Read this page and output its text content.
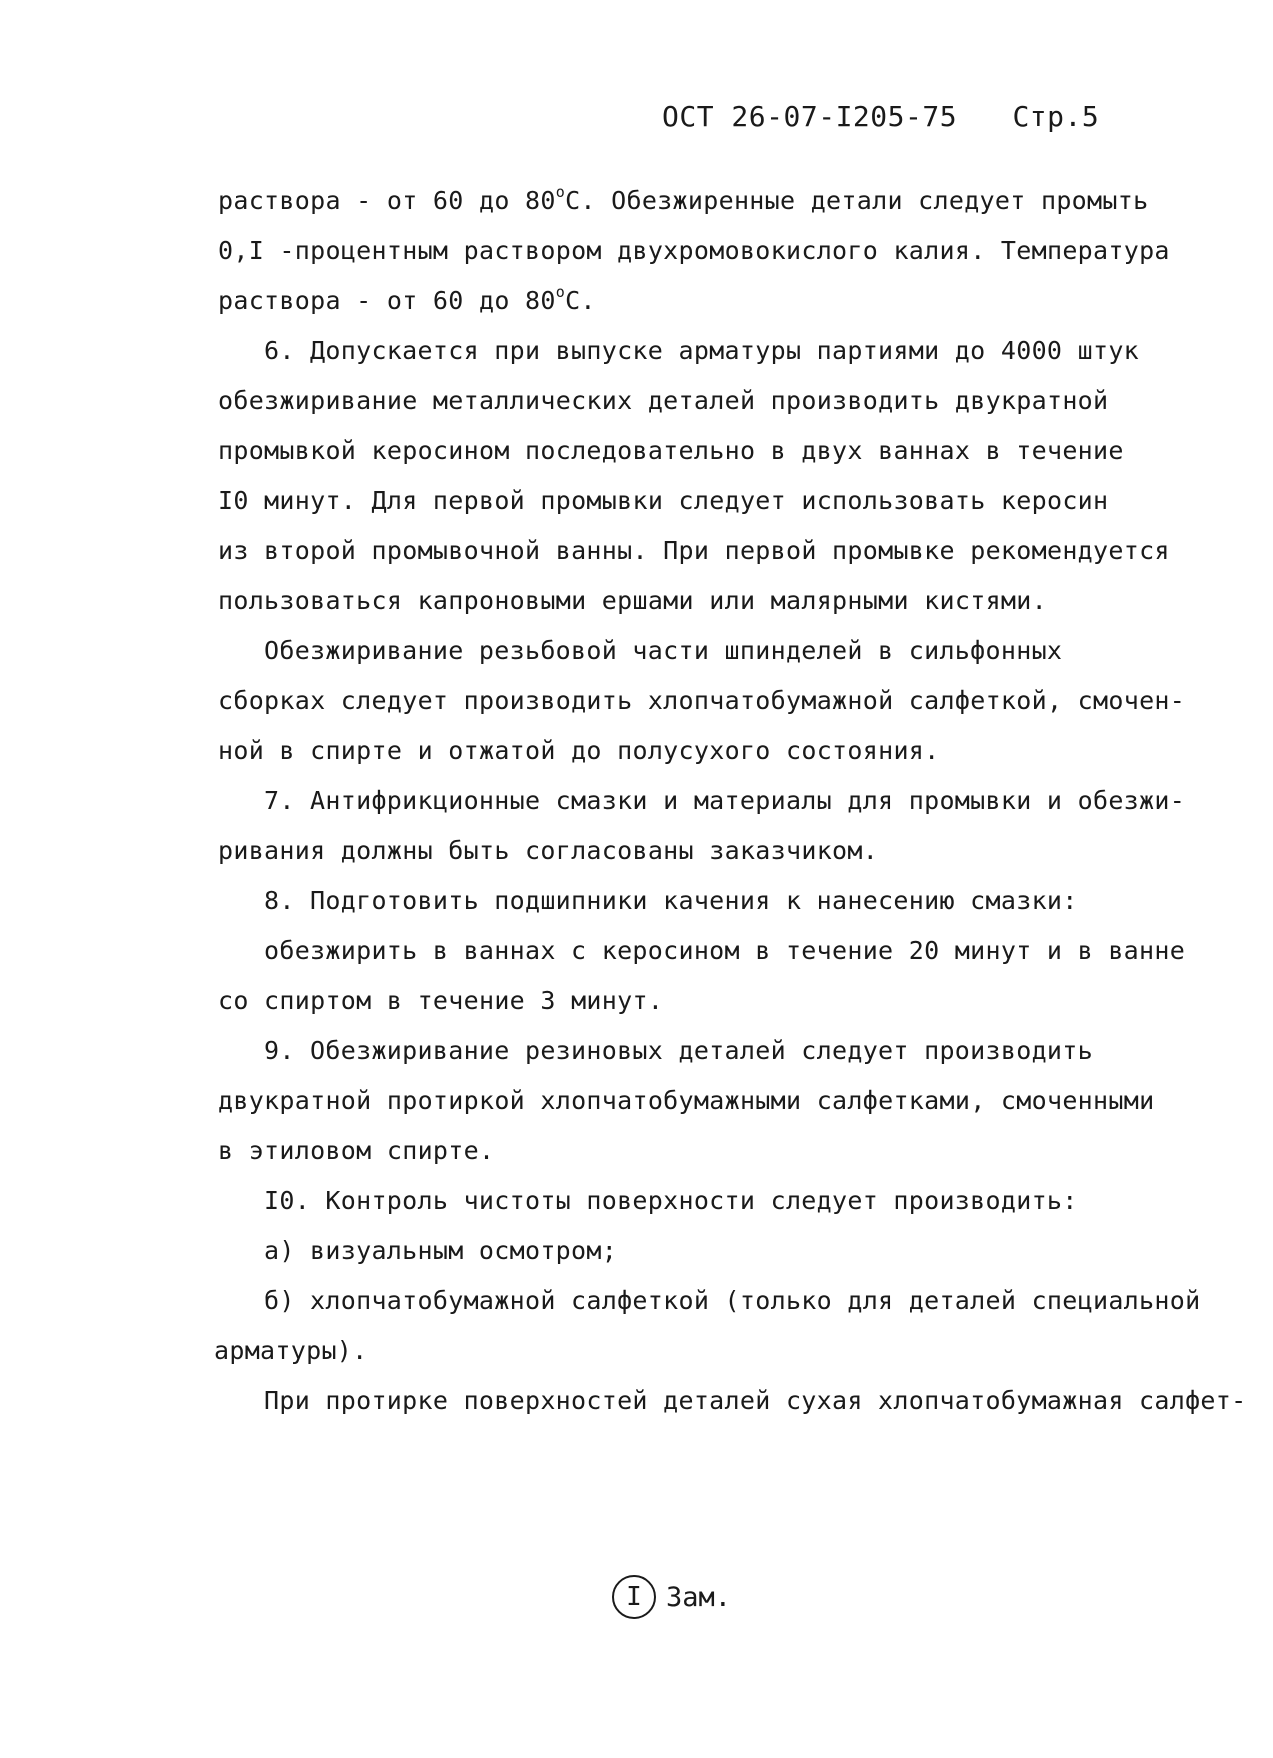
ОСТ 26-07-I205-75 Стр.5
раствора - от 60 до $80^оС$. Обезжиренные детали следует промыть
0,I -процентным раствором двухромовокислого калия. Температура
раствора - от 60 до $80^оС$.
6. Допускается при выпуске арматуры партиями до 4000 штук
обезжиривание металлических деталей производить двукратной
промывкой керосином последовательно в двух ваннах в течение
I0 минут. Для первой промывки следует использовать керосин
из второй промывочной ванны. При первой промывке рекомендуется
пользоваться капроновыми ершами или малярными кистями.
Обезжиривание резьбовой части шпинделей в сильфонных
сборках следует производить хлопчатобумажной салфеткой, смочен-
ной в спирте и отжатой до полусухого состояния.
7. Антифрикционные смазки и материалы для промывки и обезжи-
ривания должны быть согласованы заказчиком.
8. Подготовить подшипники качения к нанесению смазки:
обезжирить в ваннах с керосином в течение 20 минут и в ванне
со спиртом в течение 3 минут.
9. Обезжиривание резиновых деталей следует производить
двукратной протиркой хлопчатобумажными салфетками, смоченными
в этиловом спирте.
I0. Контроль чистоты поверхности следует производить:
а) визуальным осмотром;
б) хлопчатобумажной салфеткой (только для деталей специальной
арматуры).
При протирке поверхностей деталей сухая хлопчатобумажная салфет-
I Зам.
